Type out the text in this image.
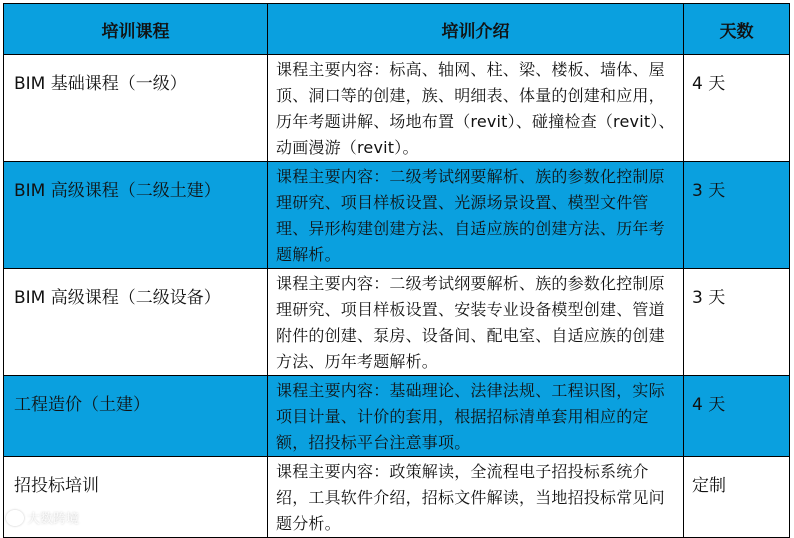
培训课程	培训介绍	天数
BIM 基础课程（一级）	课程主要内容：标高、轴网、柱、梁、楼板、墙体、屋顶、洞口等的创建，族、明细表、体量的创建和应用，历年考题讲解、场地布置（revit）、碰撞检查（revit）、动画漫游（revit）。	4 天
BIM 高级课程（二级土建）	课程主要内容：二级考试纲要解析、族的参数化控制原理研究、项目样板设置、光源场景设置、模型文件管理、异形构建创建方法、自适应族的创建方法、历年考题解析。	3 天
BIM 高级课程（二级设备）	课程主要内容：二级考试纲要解析、族的参数化控制原理研究、项目样板设置、安装专业设备模型创建、管道附件的创建、泵房、设备间、配电室、自适应族的创建方法、历年考题解析。	3 天
工程造价（土建）	课程主要内容：基础理论、法律法规、工程识图，实际项目计量、计价的套用，根据招标清单套用相应的定额，招投标平台注意事项。	4 天
招投标培训	课程主要内容：政策解读，全流程电子招投标系统介绍，工具软件介绍，招标文件解读，当地招投标常见问题分析。	定制
大数跨境
